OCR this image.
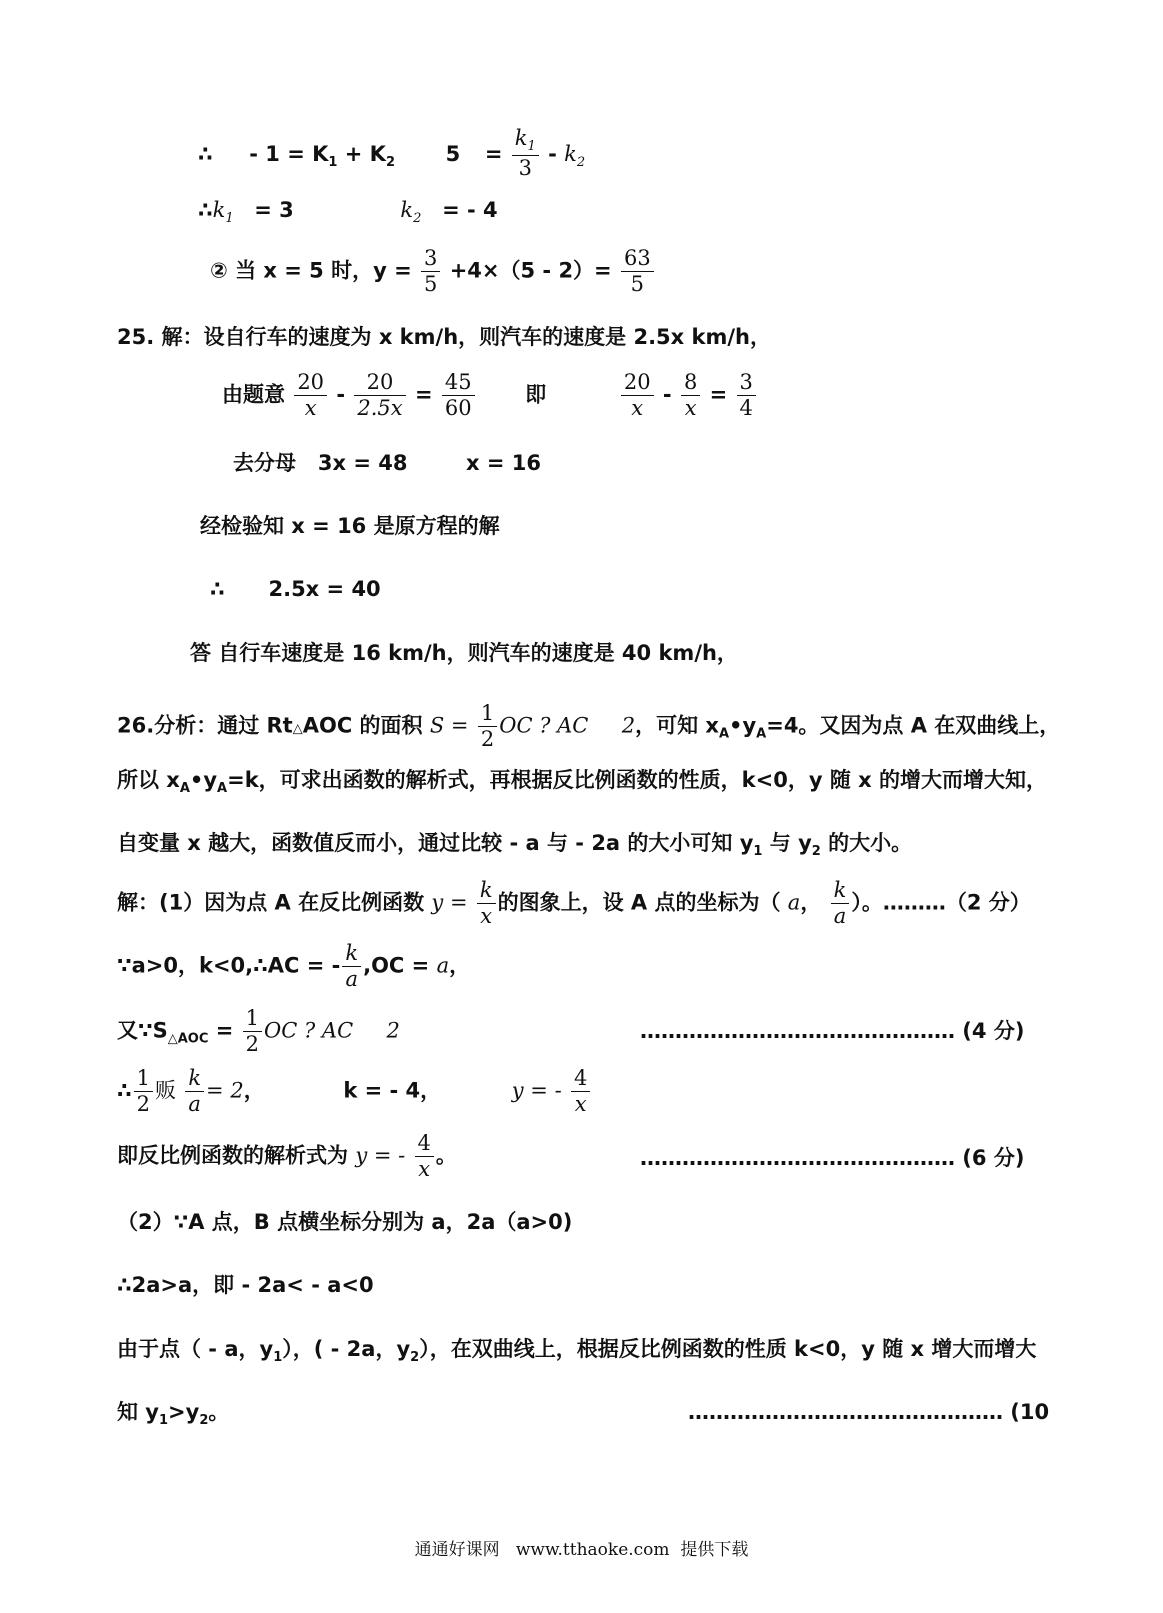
∴ - $1 = K_1 + K_2$ $5 = \frac{k_1}{3} - k_2$
$\therefore k_1 = 3$	$k_2$ = - 4
② 当 x = 5 时，$y = \frac{3}{5} +4\times(5 - 2)= \frac{63}{5}$
25. 解：设自行车的速度为 x km/h，则汽车的速度是 2.5x km/h，
由题意 $\frac{20}{x} - \frac{20}{2.5x} = \frac{45}{60}$ 即	$\frac{20}{x} - \frac{8}{x} = \frac{3}{4}$
去分母   3x = 48        x = 16
经检验知 x = 16 是原方程的解
∴      2.5x = 40
答 自行车速度是 16 km/h，则汽车的速度是 40 km/h，
26.分析：通过 Rt△AOC 的面积 $S = \frac{1}{2}$ OC ? AC     2，可知 $x_A•y_A=4$。又因为点 A 在双曲线上，
所以 $x_A•y_A=k$，可求出函数的解析式，再根据反比例函数的性质，k<0，y 随 x 的增大而增大知，
自变量 x 越大，函数值反而小，通过比较 - a 与 - 2a 的大小可知 $y_1$ 与 $y_2$ 的大小。
解：(1）因为点 A 在反比例函数 $y = \frac{k}{x}$ 的图象上，设 A 点的坐标为（ a， $\frac{k}{a}$ ）。………（2 分）
∵a>0，k<0,∴AC = - $\frac{k}{a} ,OC = a$，
又$\because S_{\triangle AOC} = \frac{1}{2}$ OC ? AC     2	……………………………………… (4 分)
∴ $\frac{1}{2}$ 贩 $\frac{k}{a} = 2$，	k = - 4，	y = - $\frac{4}{x}$
即反比例函数的解析式为 y = - $\frac{4}{x}$ 。	……………………………………… (6 分)
（2）∵A 点，B 点横坐标分别为 a，2a（a>0)
∴2a>a，即 - 2a< - a<0
由于点（ - a，$y_1$），( - 2a，$y_2$），在双曲线上，根据反比例函数的性质 k<0，y 随 x 增大而增大
知 $y_1>y_2$。	……………………………………… (10
通通好课网   www.tthaoke.com  提供下载
